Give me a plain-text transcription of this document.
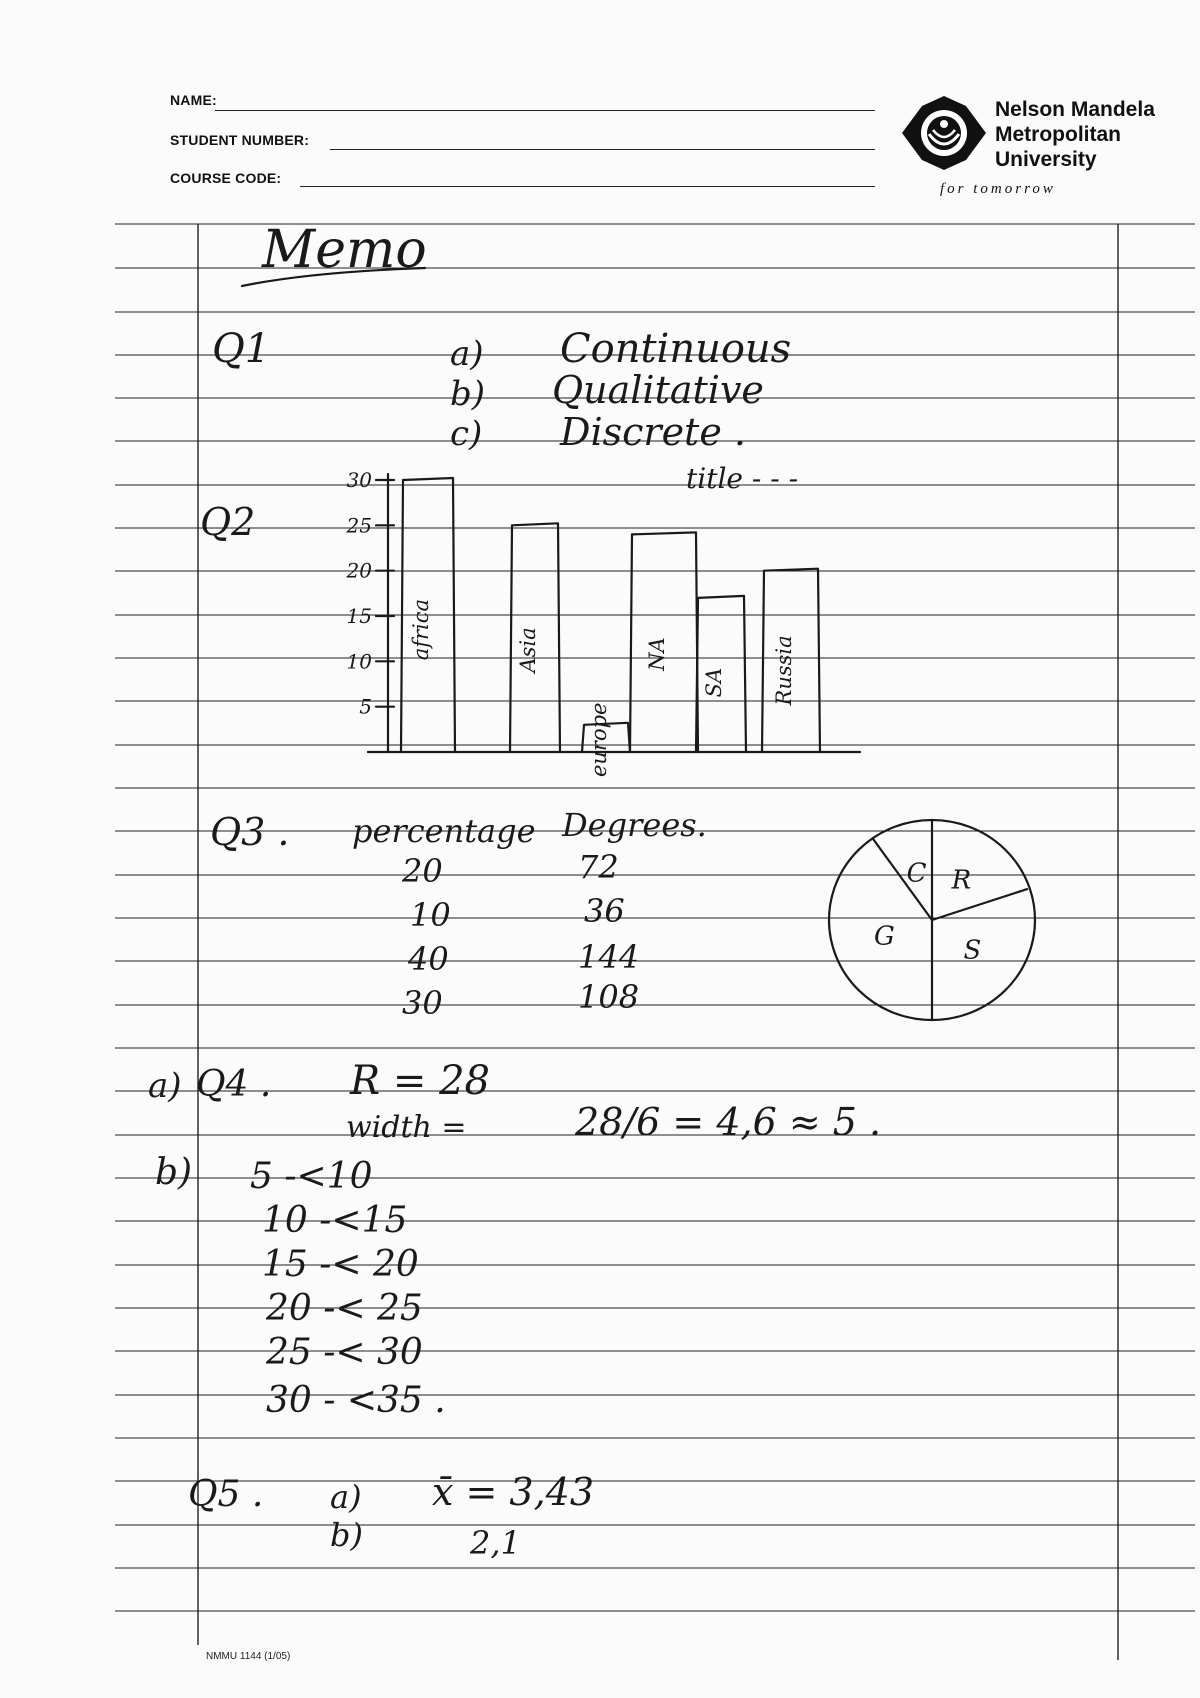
NAME:
STUDENT NUMBER:
COURSE CODE:
Nelson Mandela
Metropolitan
University
for tomorrow
Memo
Q1	a) Continuous
b) Qualitative
c) Discrete .
Q2
title - - -
30
25
20
15
10
5
africa	Asia
europe
NA
SA Russia
Q3 . percentage Degrees.
20	72
10	36
40	144
30	108
R
S
G
C
a) Q4 . R = 28
width =	28/6 = 4,6 ≈ 5 .
b) 5 -<10
10 -<15
15 -< 20
20 -< 25
25 -< 30
30 - <35 .
Q5 . a) x̄ = 3,43
b)	2,1
NMMU 1144 (1/05)
